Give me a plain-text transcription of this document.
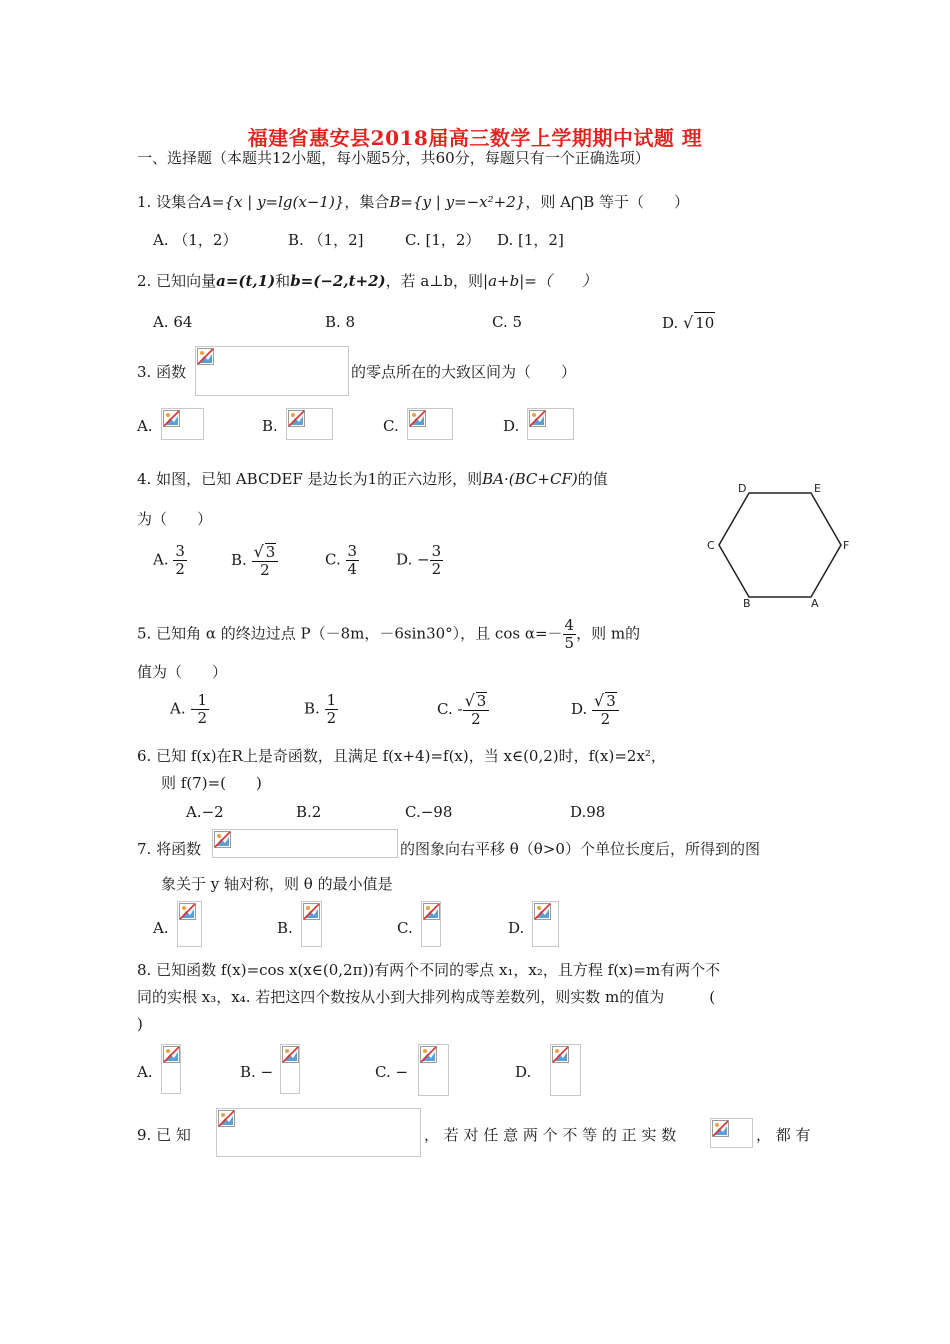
福建省惠安县2018届高三数学上学期期中试题 理
一、选择题（本题共12小题，每小题5分，共60分，每题只有一个正确选项）
1. 设集合A={x | y=lg(x−1)}，集合B={y | y=−x²+2}，则 A⋂B 等于（　　）
A. （1，2）	B. （1，2]	C. [1，2） D. [1，2]
2. 已知向量a=(t,1)和b=(−2,t+2)，若 a⊥b，则|a+b|=（　　）
A. 64	B. 8	C. 5	D. √ 10
3. 函数	的零点所在的大致区间为（　　）
A.	B.	C.	D.
4. 如图，已知 ABCDEF 是边长为1的正六边形，则BA·(BC+CF)的值
为（　　）
A. $\frac{3}{2}$	B. $\frac{√ 3}{2}$	C. $\frac{3}{4} D$. − $\frac{3}{2}$
D	E
C	F
B	A
5. 已知角 α 的终边过点 P（－8m，－6sin30°），且 $\cos \alpha=- \frac{4}{5}$ ，则 m的
值为（　　）
A. - $\frac{1}{2}$	B. $\frac{1}{2}$	C. - $\frac{√ 3}{2}$	D. $\frac{√ 3}{2}$
6. 已知 f(x)在R上是奇函数，且满足 f(x+4)=f(x)，当 x∈(0,2)时，f(x)=2x²，
则 f(7)=(　　)
A.−2	B.2	C.−98	D.98
7. 将函数	的图象向右平移 θ（θ>0）个单位长度后，所得到的图
象关于 y 轴对称，则 θ 的最小值是
A.	B.	C.	D.
8. 已知函数 f(x)=cos x(x∈(0,2π))有两个不同的零点 x₁，x₂，且方程 f(x)=m有两个不
同的实根 x₃，x₄. 若把这四个数按从小到大排列构成等差数列，则实数 m的值为　　　(
)
A.	B. −	C. −	D.
9. 已 知	， 若 对 任 意 两 个 不 等 的 正 实 数	， 都 有
